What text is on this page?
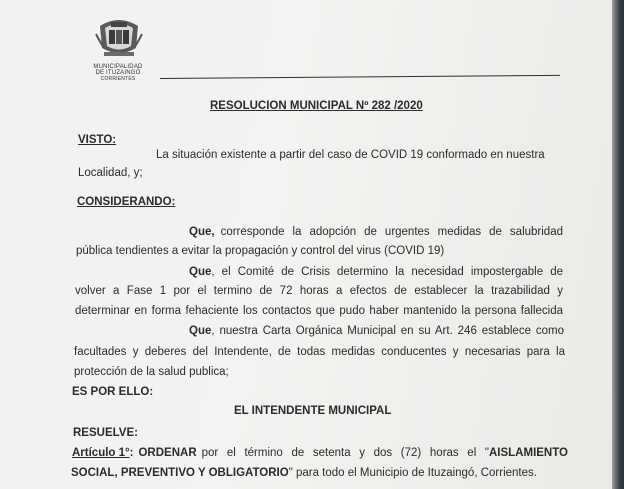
MUNICIPALIDAD
DE ITUZAINGÓ
CORRIENTES
RESOLUCION MUNICIPAL Nº 282 /2020
VISTO:
La situación existente a partir del caso de COVID 19 conformado en nuestra
Localidad, y;
CONSIDERANDO:
Que, corresponde la adopción de urgentes medidas de salubridad
pública tendientes a evitar la propagación y control del virus (COVID 19)
Que , el Comité de Crisis determino la necesidad impostergable de
volver a Fase 1 por el termino de 72 horas a efectos de establecer la trazabilidad y
determinar en forma fehaciente los contactos que pudo haber mantenido la persona fallecida
Que , nuestra Carta Orgánica Municipal en su Art. 246 establece como
facultades y deberes del Intendente, de todas medidas conducentes y necesarias para la
protección de la salud publica;
ES POR ELLO:
EL INTENDENTE MUNICIPAL
RESUELVE:
Artículo 1° : ORDENAR por el término de setenta y dos (72) horas el " AISLAMIENTO
SOCIAL, PREVENTIVO Y OBLIGATORIO" para todo el Municipio de Ituzaingó, Corrientes.
